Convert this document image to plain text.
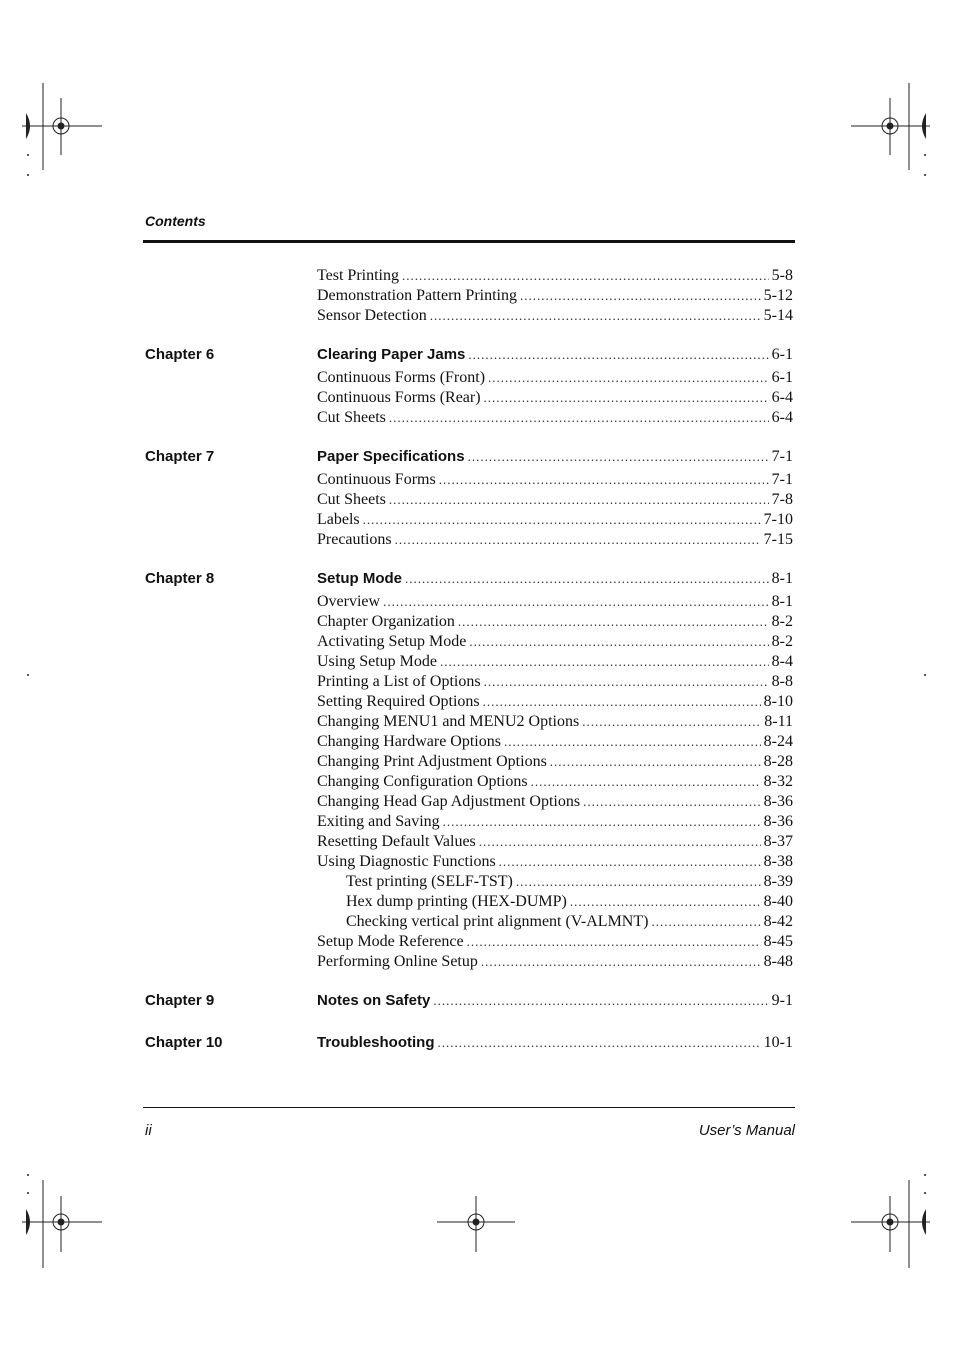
Contents
Test Printing .....	5-8
Demonstration Pattern Printing .....	5-12
Sensor Detection .....	5-14
Chapter 6	Clearing Paper Jams .....	6-1
Continuous Forms (Front) .....	6-1
Continuous Forms (Rear) .....	6-4
Cut Sheets .....	6-4
Chapter 7	Paper Specifications .....	7-1
Continuous Forms .....	7-1
Cut Sheets .....	7-8
Labels .....	7-10
Precautions .....	7-15
Chapter 8	Setup Mode .....	8-1
Overview .....	8-1
Chapter Organization .....	8-2
Activating Setup Mode .....	8-2
Using Setup Mode .....	8-4
Printing a List of Options .....	8-8
Setting Required Options .....	8-10
Changing MENU1 and MENU2 Options .....	8-11
Changing Hardware Options .....	8-24
Changing Print Adjustment Options .....	8-28
Changing Configuration Options .....	8-32
Changing Head Gap Adjustment Options .....	8-36
Exiting and Saving .....	8-36
Resetting Default Values .....	8-37
Using Diagnostic Functions .....	8-38
Test printing (SELF-TST) .....	8-39
Hex dump printing (HEX-DUMP) .....	8-40
Checking vertical print alignment (V-ALMNT) .....	8-42
Setup Mode Reference .....	8-45
Performing Online Setup .....	8-48
Chapter 9	Notes on Safety .....	9-1
Chapter 10	Troubleshooting .....	10-1
ii	User’s Manual
